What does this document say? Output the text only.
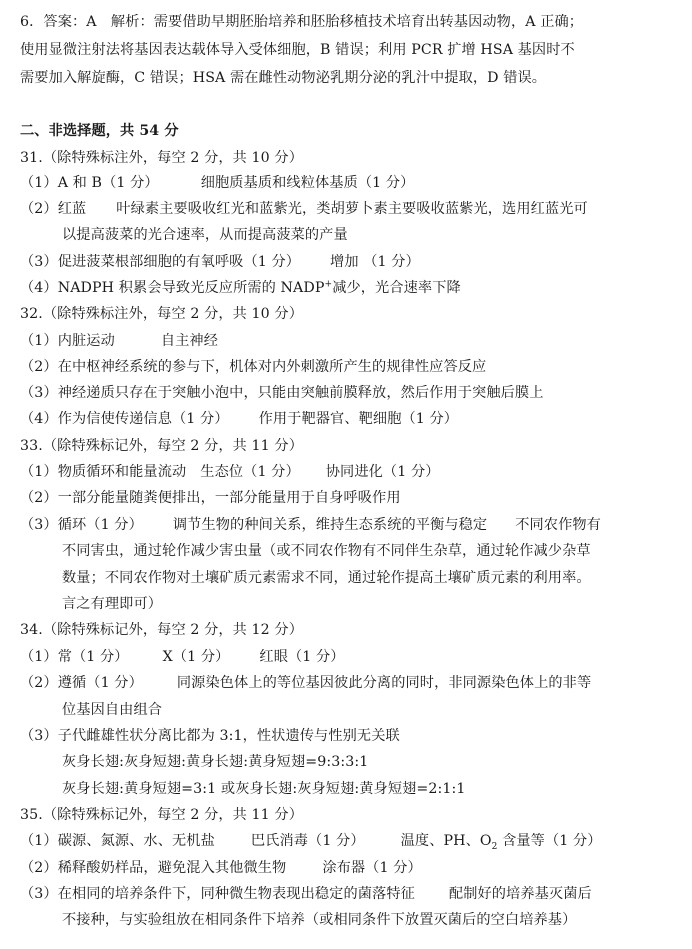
6．答案：A　解析：需要借助早期胚胎培养和胚胎移植技术培育出转基因动物，A 正确；
使用显微注射法将基因表达载体导入受体细胞，B 错误；利用 PCR 扩增 HSA 基因时不
需要加入解旋酶，C 错误；HSA 需在雌性动物泌乳期分泌的乳汁中提取，D 错误。
二、非选择题，共 54 分
31.（除特殊标注外，每空 2 分，共 10 分）
（1）A 和 B（1 分）	细胞质基质和线粒体基质（1 分）
（2）红蓝 叶绿素主要吸收红光和蓝紫光，类胡萝卜素主要吸收蓝紫光，选用红蓝光可
以提高菠菜的光合速率，从而提高菠菜的产量
（3）促进菠菜根部细胞的有氧呼吸（1 分） 增加 （1 分）
（4）NADPH 积累会导致光反应所需的 NADP+减少，光合速率下降
32.（除特殊标注外，每空 2 分，共 10 分）
（1）内脏运动	自主神经
（2）在中枢神经系统的参与下，机体对内外刺激所产生的规律性应答反应
（3）神经递质只存在于突触小泡中，只能由突触前膜释放，然后作用于突触后膜上
（4）作为信使传递信息（1 分） 作用于靶器官、靶细胞（1 分）
33.（除特殊标记外，每空 2 分，共 11 分）
（1）物质循环和能量流动 生态位（1 分） 协同进化（1 分）
（2）一部分能量随粪便排出，一部分能量用于自身呼吸作用
（3）循环（1 分） 调节生物的种间关系，维持生态系统的平衡与稳定 不同农作物有
不同害虫，通过轮作减少害虫量（或不同农作物有不同伴生杂草，通过轮作减少杂草
数量；不同农作物对土壤矿质元素需求不同，通过轮作提高土壤矿质元素的利用率。
言之有理即可）
34.（除特殊标记外，每空 2 分，共 12 分）
（1）常（1 分） X（1 分） 红眼（1 分）
（2）遵循（1 分） 同源染色体上的等位基因彼此分离的同时，非同源染色体上的非等
位基因自由组合
（3）子代雌雄性状分离比都为 3:1，性状遗传与性别无关联
灰身长翅:灰身短翅:黄身长翅:黄身短翅=9:3:3:1
灰身长翅:黄身短翅=3:1 或灰身长翅:灰身短翅:黄身短翅=2:1:1
35.（除特殊标记外，每空 2 分，共 11 分）
（1）碳源、氮源、水、无机盐	巴氏消毒（1 分）	温度、PH、$O_2$ 含量等（1 分）
（2）稀释酸奶样品，避免混入其他微生物	涂布器（1 分）
（3）在相同的培养条件下，同种微生物表现出稳定的菌落特征 配制好的培养基灭菌后
不接种，与实验组放在相同条件下培养（或相同条件下放置灭菌后的空白培养基）
